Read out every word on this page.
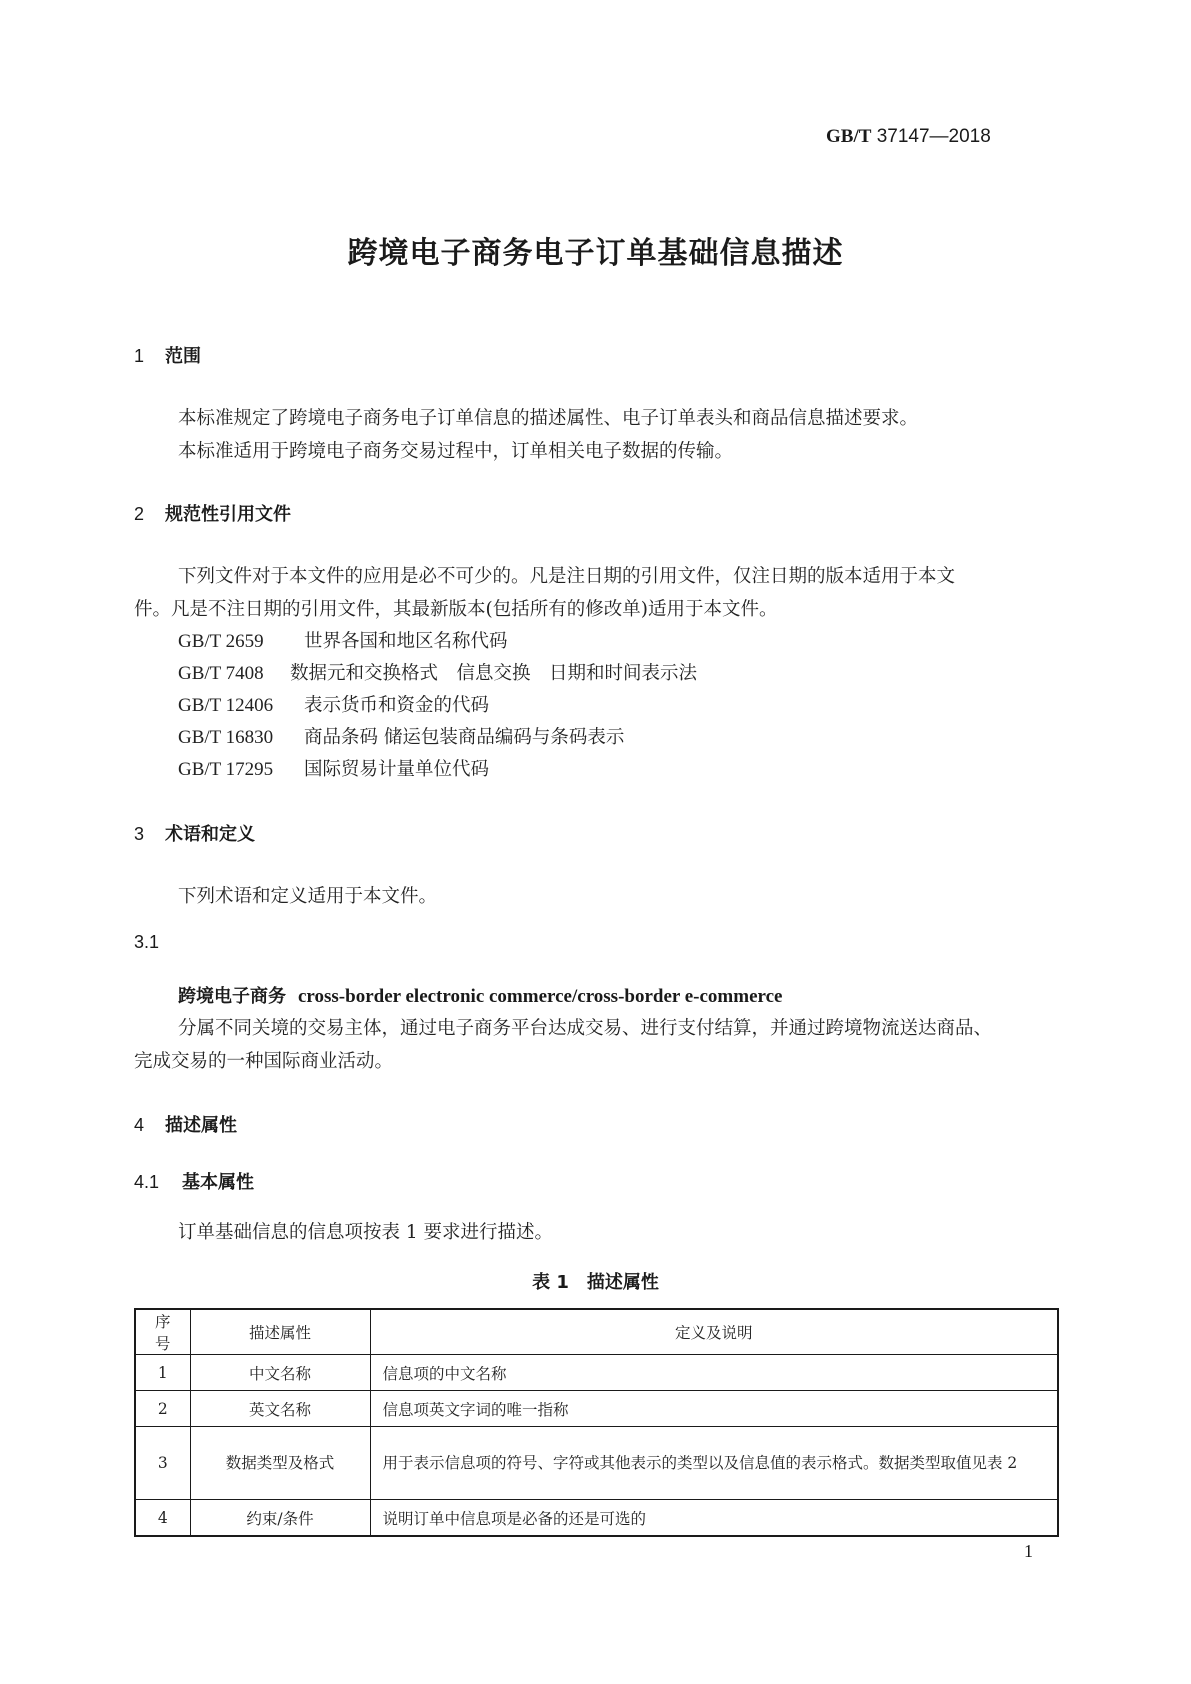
GB/T 37147—2018
跨境电子商务电子订单基础信息描述
1 范围
本标准规定了跨境电子商务电子订单信息的描述属性、电子订单表头和商品信息描述要求。
本标准适用于跨境电子商务交易过程中，订单相关电子数据的传输。
2 规范性引用文件
下列文件对于本文件的应用是必不可少的。凡是注日期的引用文件，仅注日期的版本适用于本文
件。凡是不注日期的引用文件，其最新版本(包括所有的修改单)适用于本文件。
GB/T 2659 世界各国和地区名称代码
GB/T 7408 数据元和交换格式　信息交换　日期和时间表示法
GB/T 12406 表示货币和资金的代码
GB/T 16830 商品条码 储运包装商品编码与条码表示
GB/T 17295 国际贸易计量单位代码
3 术语和定义
下列术语和定义适用于本文件。
3.1
跨境电子商务 cross-border electronic commerce/cross-border e-commerce
分属不同关境的交易主体，通过电子商务平台达成交易、进行支付结算，并通过跨境物流送达商品、
完成交易的一种国际商业活动。
4 描述属性
4.1 基本属性
订单基础信息的信息项按表 1 要求进行描述。
表 1　描述属性
序号	描述属性	定义及说明
1	中文名称	信息项的中文名称
2	英文名称	信息项英文字词的唯一指称
3	数据类型及格式	用于表示信息项的符号、字符或其他表示的类型以及信息值的表示格式。数据类型取值见表 2
4	约束/条件	说明订单中信息项是必备的还是可选的
1
